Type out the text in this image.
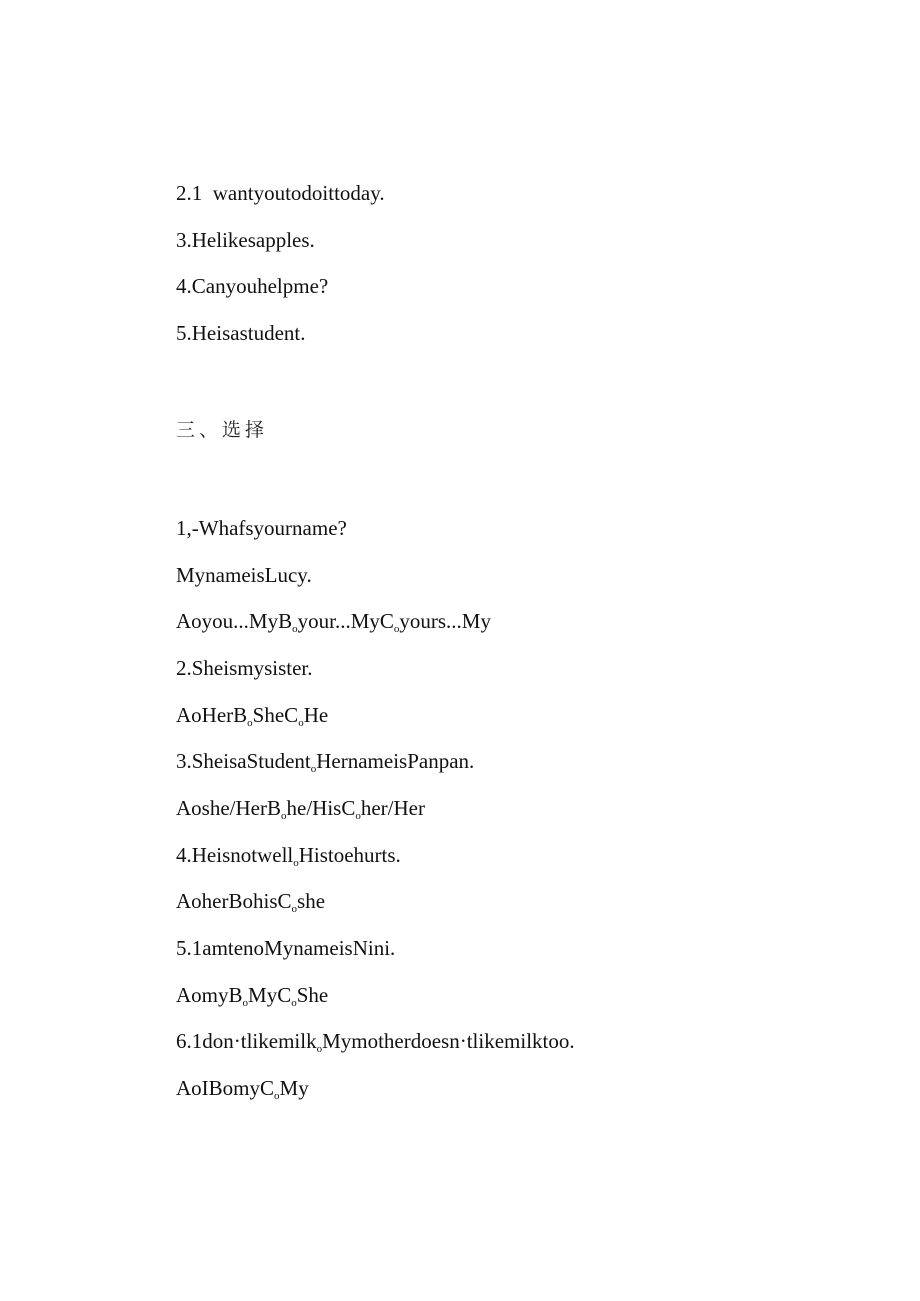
2.1  wantyoutodoittoday.
3.Helikesapples.
4.Canyouhelpme?
5.Heisastudent.
三、选择
1,-Whafsyourname?
MynameisLucy.
Aoyou...MyB$_o$your...MyC$_o$yours...My
2.Sheismysister.
AoHerB$_o$SheC$_o$He
3.SheisaStudent$_o$HernameisPanpan.
Aoshe/HerB$_o$he/HisC$_o$her/Her
4.Heisnotwell$_o$Histoehurts.
AoherBohisC$_o$she
5.1amtenoMynameisNini.
AomyB$_o$MyC$_o$She
6.1don·tlikemilk$_o$Mymotherdoesn·tlikemilktoo.
AoIBomyC$_o$My
